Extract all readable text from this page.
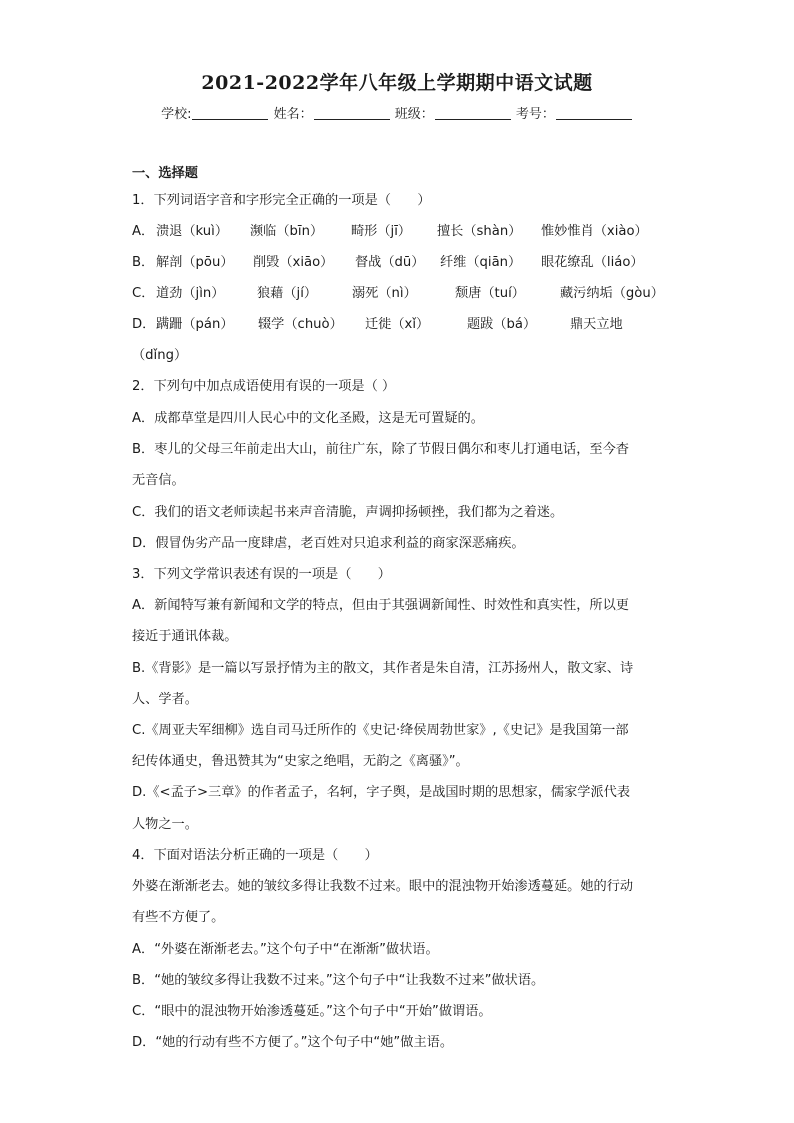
2021-2022学年八年级上学期期中语文试题
学校:	姓名：	班级：	考号：
一、选择题
1．下列词语字音和字形完全正确的一项是（　　）
A． 溃退（kuì） 濒临（bīn） 畸形（jī） 擅长（shàn） 惟妙惟肖（xiào）
B． 解剖（pōu） 削毁（xiāo） 督战（dū） 纤维（qiān） 眼花缭乱（liáo）
C． 道劲（jìn） 狼藉（jí）	溺死（nì）	颓唐（tuí）	藏污纳垢（gòu）
D． 蹒跚（pán） 辍学（chuò） 迁徙（xǐ）	题跋（bá）	鼎天立地
（dǐng）
2．下列句中加点成语使用有误的一项是（ ）
A．成都草堂是四川人民心中的文化圣殿，这是无可置疑的。
B．枣儿的父母三年前走出大山，前往广东，除了节假日偶尔和枣儿打通电话，至今杳
无音信。
C．我们的语文老师读起书来声音清脆，声调抑扬顿挫，我们都为之着迷。
D．假冒伪劣产品一度肆虐，老百姓对只追求利益的商家深恶痛疾。
3．下列文学常识表述有误的一项是（　　）
A．新闻特写兼有新闻和文学的特点，但由于其强调新闻性、时效性和真实性，所以更
接近于通讯体裁。
B.《背影》是一篇以写景抒情为主的散文，其作者是朱自清，江苏扬州人，散文家、诗
人、学者。
C.《周亚夫军细柳》选自司马迁所作的《史记·绛侯周勃世家》,《史记》是我国第一部
纪传体通史，鲁迅赞其为“史家之绝唱，无韵之《离骚》”。
D.《<孟子>三章》的作者孟子，名轲，字子舆，是战国时期的思想家，儒家学派代表
人物之一。
4．下面对语法分析正确的一项是（　　）
外婆在渐渐老去。她的皱纹多得让我数不过来。眼中的混浊物开始渗透蔓延。她的行动
有些不方便了。
A．“外婆在渐渐老去。”这个句子中“在渐渐”做状语。
B．“她的皱纹多得让我数不过来。”这个句子中“让我数不过来”做状语。
C．“眼中的混浊物开始渗透蔓延。”这个句子中“开始”做谓语。
D．“她的行动有些不方便了。”这个句子中“她”做主语。
